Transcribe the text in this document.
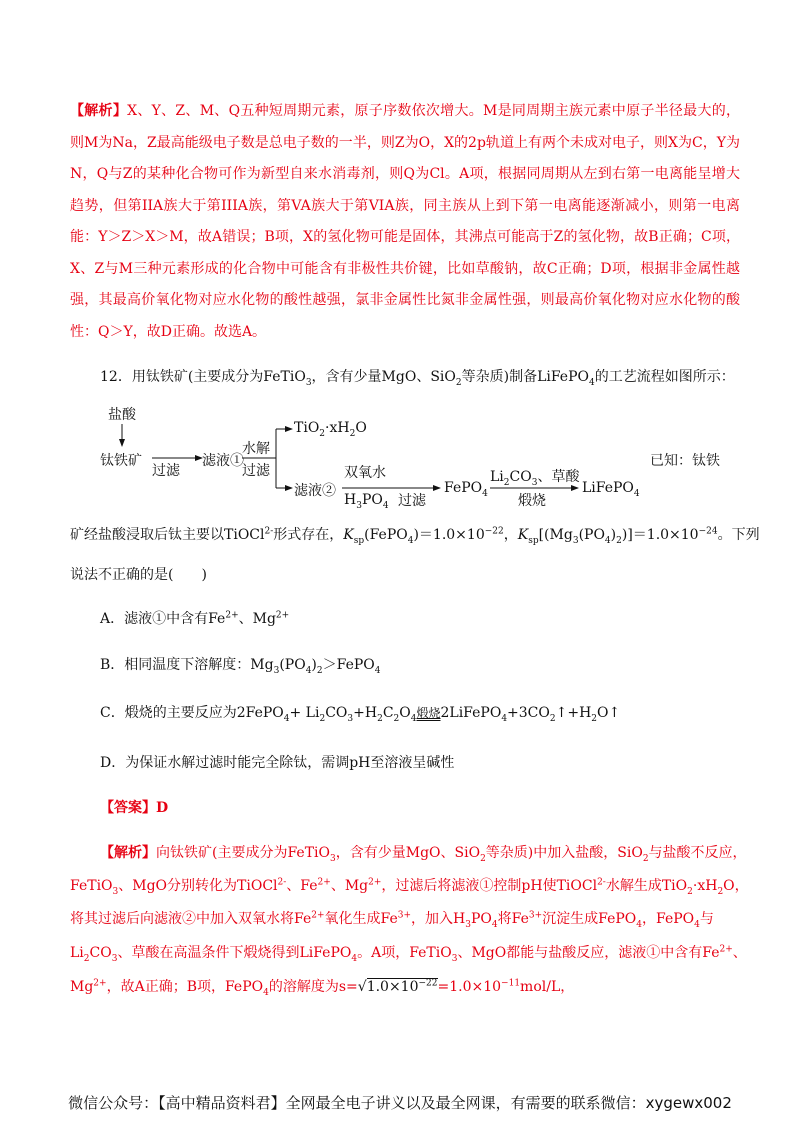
【解析】X、Y、Z、M、Q五种短周期元素，原子序数依次增大。M是同周期主族元素中原子半径最大的，则M为Na，Z最高能级电子数是总电子数的一半，则Z为O，X的2p轨道上有两个未成对电子，则X为C，Y为N，Q与Z的某种化合物可作为新型自来水消毒剂，则Q为Cl。A项，根据同周期从左到右第一电离能呈增大趋势，但第IIA族大于第IIIA族，第VA族大于第VIA族，同主族从上到下第一电离能逐渐减小，则第一电离能：Y＞Z＞X＞M，故A错误；B项，X的氢化物可能是固体，其沸点可能高于Z的氢化物，故B正确；C项，X、Z与M三种元素形成的化合物中可能含有非极性共价键，比如草酸钠，故C正确；D项，根据非金属性越强，其最高价氧化物对应水化物的酸性越强，氯非金属性比氮非金属性强，则最高价氧化物对应水化物的酸性：Q＞Y，故D正确。故选A。
12．用钛铁矿(主要成分为FeTiO$_3$，含有少量MgO、SiO$_2$等杂质)制备LiFePO$_4$的工艺流程如图所示：
盐酸
钛铁矿
过滤
滤液①
水解
过滤
$TiO_2\cdot xH_2O$
滤液②
双氧水
$H_3PO_4$ 过滤
FePO$_4$
$Li_2CO_3$、草酸
煅烧
LiFePO$_4$
已知：钛铁
矿经盐酸浸取后钛主要以TiOCl$^{2-}$形式存在，$K_{sp}(FePO_4)=1.0\times 10^{-22}$，$K_{sp}[(Mg_3(PO_4)_2)]=1.0\times 10^{-24}$。下列
说法不正确的是(　　)
A．滤液①中含有$Fe^{2+}$、$Mg^{2+}$
B．相同温度下溶解度：$Mg_3(PO_4)_2>FePO_4$
C．煅烧的主要反应为2FePO$_4$+ $Li_2CO_3+H_2C_2O_4$煅烧$2LiFePO_4+3CO_2↑+H_2O↑$
D．为保证水解过滤时能完全除钛，需调pH至溶液呈碱性
【答案】D
【解析】向钛铁矿(主要成分为FeTiO$_3$，含有少量MgO、SiO$_2$等杂质)中加入盐酸，SiO$_2$与盐酸不反应，
FeTiO$_3$、MgO分别转化为TiOCl$^{2-}$、$Fe^{2+}$、$Mg^{2+}$，过滤后将滤液①控制pH使TiOCl$^{2-}$水解生成$TiO_2\cdot xH_2O$，
将其过滤后向滤液②中加入双氧水将$Fe^{2+}$氧化生成$Fe^{3+}$，加入$H_3PO_4$将$Fe^{3+}$沉淀生成FePO$_4$，FePO$_4$与
$Li_2CO_3$、草酸在高温条件下煅烧得到LiFePO$_4$。A项，FeTiO$_3$、MgO都能与盐酸反应，滤液①中含有$Fe^{2+}$、
$Mg^{2+}$，故A正确；B项，FePO$_4$的溶解度为$s=√1.0\times 10^{-22}=1.0\times 10^{-11}mol/L$，
微信公众号：【高中精品资料君】全网最全电子讲义以及最全网课，有需要的联系微信：xygewx002
